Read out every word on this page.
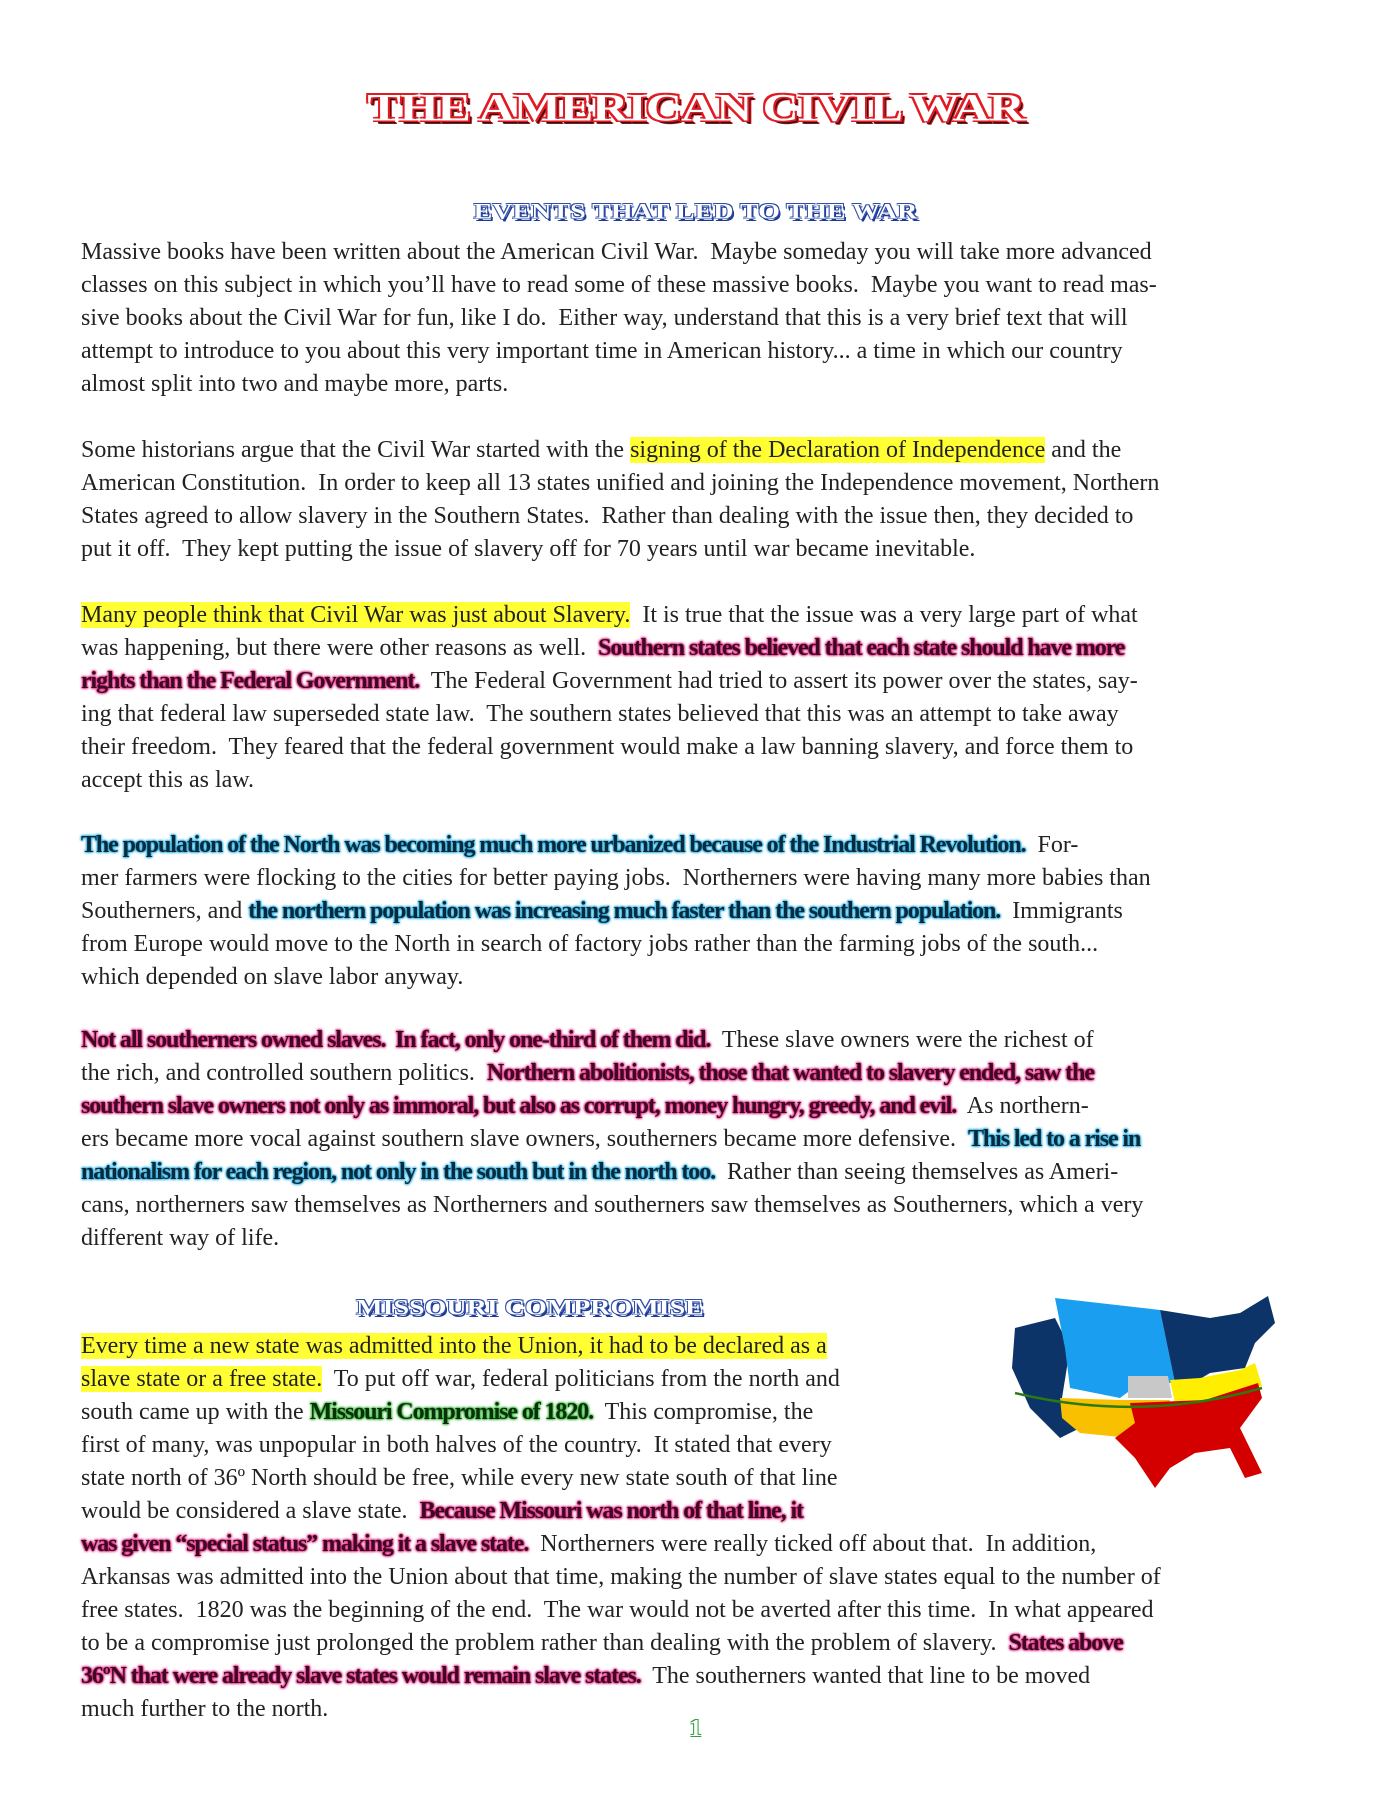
THE AMERICAN CIVIL WAR
EVENTS THAT LED TO THE WAR
Massive books have been written about the American Civil War.  Maybe someday you will take more advanced
classes on this subject in which you’ll have to read some of these massive books.  Maybe you want to read mas-
sive books about the Civil War for fun, like I do.  Either way, understand that this is a very brief text that will
attempt to introduce to you about this very important time in American history... a time in which our country
almost split into two and maybe more, parts.
Some historians argue that the Civil War started with the signing of the Declaration of Independence and the
American Constitution.  In order to keep all 13 states unified and joining the Independence movement, Northern
States agreed to allow slavery in the Southern States.  Rather than dealing with the issue then, they decided to
put it off.  They kept putting the issue of slavery off for 70 years until war became inevitable.
Many people think that Civil War was just about Slavery.  It is true that the issue was a very large part of what
was happening, but there were other reasons as well.  Southern states believed that each state should have more
rights than the Federal Government.  The Federal Government had tried to assert its power over the states, say-
ing that federal law superseded state law.  The southern states believed that this was an attempt to take away
their freedom.  They feared that the federal government would make a law banning slavery, and force them to
accept this as law.
The population of the North was becoming much more urbanized because of the Industrial Revolution.  For-
mer farmers were flocking to the cities for better paying jobs.  Northerners were having many more babies than
Southerners, and the northern population was increasing much faster than the southern population.  Immigrants
from Europe would move to the North in search of factory jobs rather than the farming jobs of the south...
which depended on slave labor anyway.
Not all southerners owned slaves.  In fact, only one-third of them did.  These slave owners were the richest of
the rich, and controlled southern politics.  Northern abolitionists, those that wanted to slavery ended, saw the
southern slave owners not only as immoral, but also as corrupt, money hungry, greedy, and evil.  As northern-
ers became more vocal against southern slave owners, southerners became more defensive.  This led to a rise in
nationalism for each region, not only in the south but in the north too.  Rather than seeing themselves as Ameri-
cans, northerners saw themselves as Northerners and southerners saw themselves as Southerners, which a very
different way of life.
MISSOURI COMPROMISE
Every time a new state was admitted into the Union, it had to be declared as a
slave state or a free state.  To put off war, federal politicians from the north and
south came up with the Missouri Compromise of 1820.  This compromise, the
first of many, was unpopular in both halves of the country.  It stated that every
state north of 36º North should be free, while every new state south of that line
would be considered a slave state.  Because Missouri was north of that line, it
was given “special status” making it a slave state.  Northerners were really ticked off about that.  In addition,
Arkansas was admitted into the Union about that time, making the number of slave states equal to the number of
free states.  1820 was the beginning of the end.  The war would not be averted after this time.  In what appeared
to be a compromise just prolonged the problem rather than dealing with the problem of slavery.  States above
36ºN that were already slave states would remain slave states.  The southerners wanted that line to be moved
much further to the north.
1
